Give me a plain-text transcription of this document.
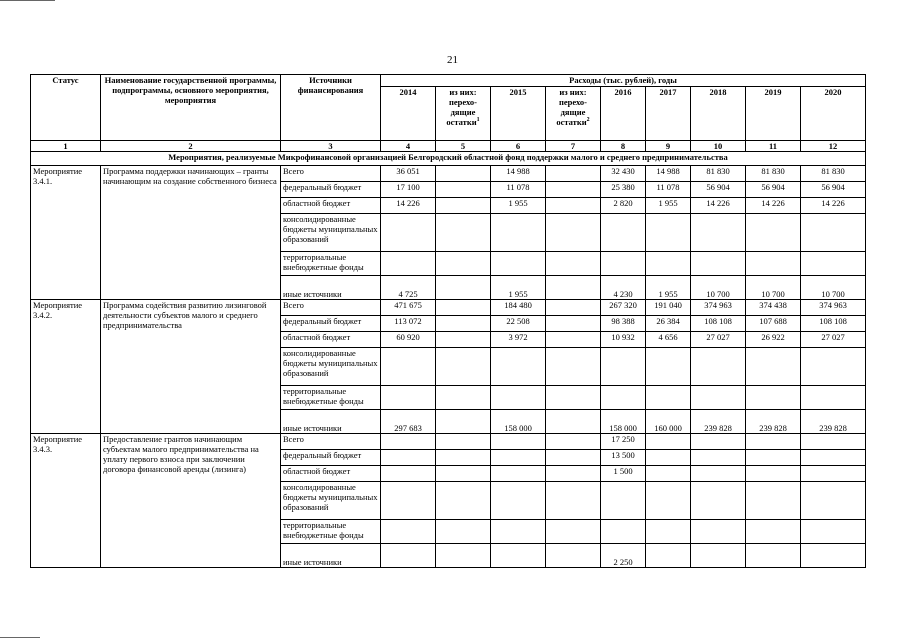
21
Статус	Наименование государственной программы, подпрограммы, основного мероприятия, мероприятия	Источники финансирования	Расходы (тыс. рублей), годы								
			2014	из них: перехо-дящие остатки$^1$	2015	из них: перехо-дящие остатки$^2$	2016	2017	2018	2019	2020
1	2	3	4	5	6	7	8	9	10	11	12
Мероприятия, реализуемые Микрофинансовой организацией Белгородский областной фонд поддержки малого и среднего предпринимательства											
Мероприятие 3.4.1.	Программа поддержки начинающих – гранты начинающим на создание собственного бизнеса	Всего	36 051		14 988		32 430	14 988	81 830	81 830	81 830
		федеральный бюджет	17 100		11 078		25 380	11 078	56 904	56 904	56 904
		областной бюджет	14 226		1 955		2 820	1 955	14 226	14 226	14 226
		консолидированные бюджеты муниципальных образований									
		территориальные внебюджетные фонды									
		иные источники	4 725		1 955		4 230	1 955	10 700	10 700	10 700
Мероприятие 3.4.2.	Программа содействия развитию лизинговой деятельности субъектов малого и среднего предпринимательства	Всего	471 675		184 480		267 320	191 040	374 963	374 438	374 963
		федеральный бюджет	113 072		22 508		98 388	26 384	108 108	107 688	108 108
		областной бюджет	60 920		3 972		10 932	4 656	27 027	26 922	27 027
		консолидированные бюджеты муниципальных образований									
		территориальные внебюджетные фонды									
		иные источники	297 683		158 000		158 000	160 000	239 828	239 828	239 828
Мероприятие 3.4.3.	Предоставление грантов начинающим субъектам малого предпринимательства на уплату первого взноса при заключении договора финансовой аренды (лизинга)	Всего					17 250				
		федеральный бюджет					13 500				
		областной бюджет					1 500				
		консолидированные бюджеты муниципальных образований									
		территориальные внебюджетные фонды									
		иные источники					2 250				
